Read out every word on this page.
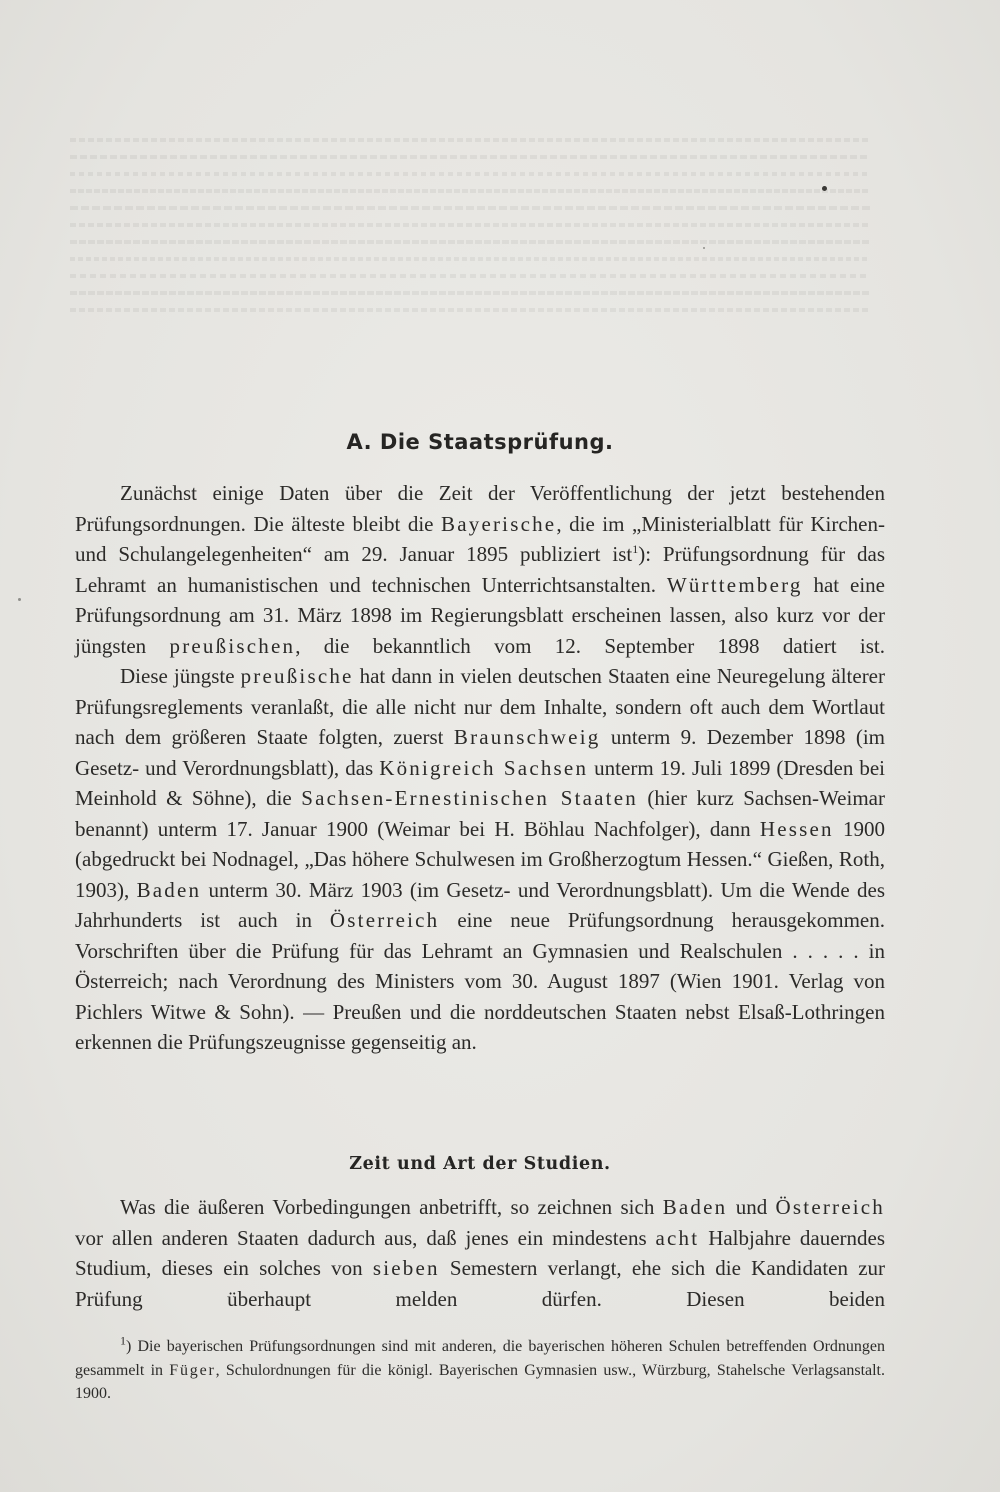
A. Die Staatsprüfung.

Zunächst einige Daten über die Zeit der Veröffentlichung der jetzt bestehenden Prüfungsordnungen. Die älteste bleibt die Bayerische, die im „Ministerialblatt für Kirchen- und Schulangelegenheiten“ am 29. Januar 1895 publiziert ist$^1$): Prüfungsordnung für das Lehramt an humanistischen und technischen Unterrichtsanstalten. Württemberg hat eine Prüfungsordnung am 31. März 1898 im Regierungsblatt erscheinen lassen, also kurz vor der jüngsten preußischen, die bekanntlich vom 12. September 1898 datiert ist.

Diese jüngste preußische hat dann in vielen deutschen Staaten eine Neuregelung älterer Prüfungsreglements veranlaßt, die alle nicht nur dem Inhalte, sondern oft auch dem Wortlaut nach dem größeren Staate folgten, zuerst Braunschweig unterm 9. Dezember 1898 (im Gesetz- und Verordnungsblatt), das Königreich Sachsen unterm 19. Juli 1899 (Dresden bei Meinhold & Söhne), die Sachsen-Ernestinischen Staaten (hier kurz Sachsen-Weimar benannt) unterm 17. Januar 1900 (Weimar bei H. Böhlau Nachfolger), dann Hessen 1900 (abgedruckt bei Nodnagel, „Das höhere Schulwesen im Großherzogtum Hessen.“ Gießen, Roth, 1903), Baden unterm 30. März 1903 (im Gesetz- und Verordnungsblatt). Um die Wende des Jahrhunderts ist auch in Österreich eine neue Prüfungsordnung herausgekommen. Vorschriften über die Prüfung für das Lehramt an Gymnasien und Realschulen . . . . . in Österreich; nach Verordnung des Ministers vom 30. August 1897 (Wien 1901. Verlag von Pichlers Witwe & Sohn). — Preußen und die norddeutschen Staaten nebst Elsaß-Lothringen erkennen die Prüfungszeugnisse gegenseitig an.

Zeit und Art der Studien.

Was die äußeren Vorbedingungen anbetrifft, so zeichnen sich Baden und Österreich vor allen anderen Staaten dadurch aus, daß jenes ein mindestens acht Halbjahre dauerndes Studium, dieses ein solches von sieben Semestern verlangt, ehe sich die Kandidaten zur Prüfung überhaupt melden dürfen. Diesen beiden

$^1$) Die bayerischen Prüfungsordnungen sind mit anderen, die bayerischen höheren Schulen betreffenden Ordnungen gesammelt in Füger, Schulordnungen für die königl. Bayerischen Gymnasien usw., Würzburg, Stahelsche Verlagsanstalt. 1900.
